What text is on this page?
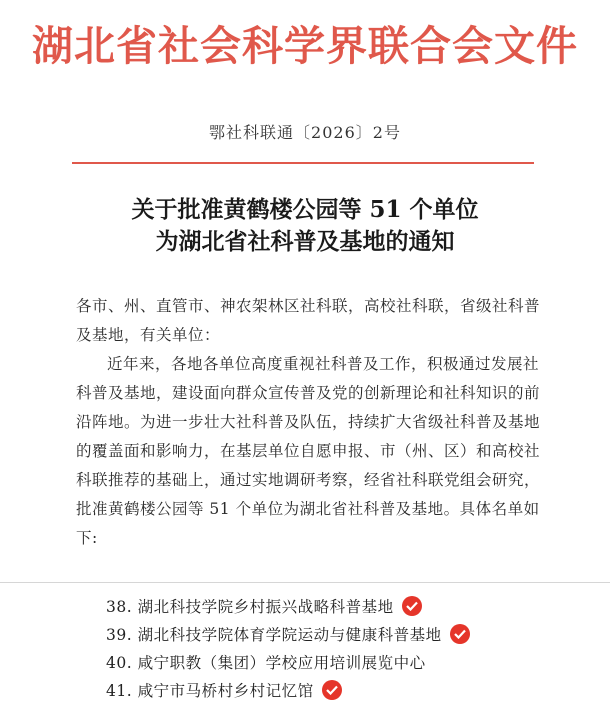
湖北省社会科学界联合会文件
鄂社科联通〔2026〕2号
关于批准黄鹤楼公园等 51 个单位
为湖北省社科普及基地的通知

各市、州、直管市、神农架林区社科联，高校社科联，省级社科普及基地，有关单位：

近年来，各地各单位高度重视社科普及工作，积极通过发展社科普及基地，建设面向群众宣传普及党的创新理论和社科知识的前沿阵地。为进一步壮大社科普及队伍，持续扩大省级社科普及基地的覆盖面和影响力，在基层单位自愿申报、市（州、区）和高校社科联推荐的基础上，通过实地调研考察，经省社科联党组会研究，批准黄鹤楼公园等 51 个单位为湖北省社科普及基地。具体名单如下:

38. 湖北科技学院乡村振兴战略科普基地
39. 湖北科技学院体育学院运动与健康科普基地
40. 咸宁职教（集团）学校应用培训展览中心
41. 咸宁市马桥村乡村记忆馆
